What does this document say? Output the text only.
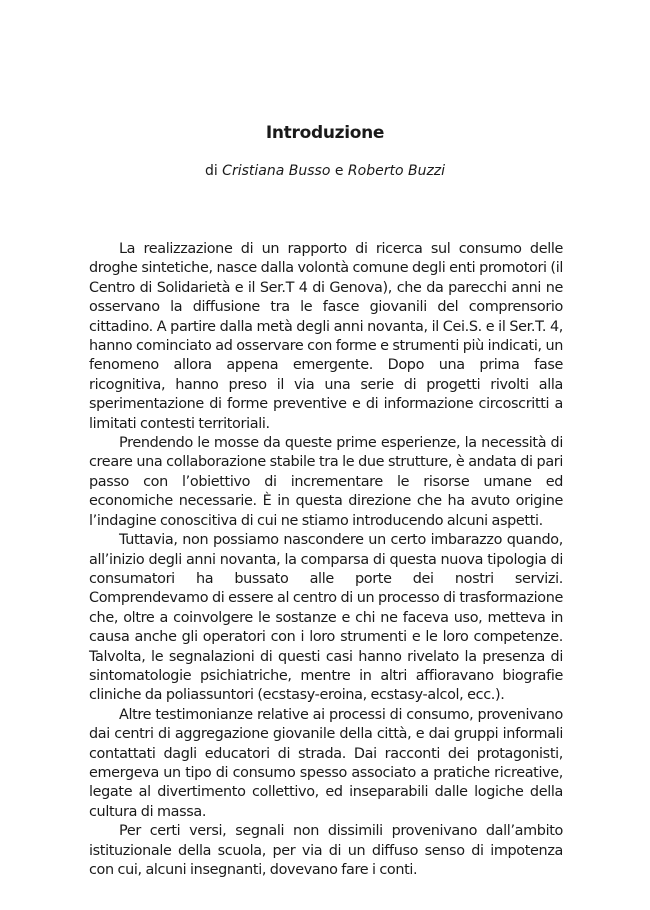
Introduzione

di Cristiana Busso e Roberto Buzzi

La realizzazione di un rapporto di ricerca sul consumo delle droghe sintetiche, nasce dalla volontà comune degli enti promotori (il Centro di Solidarietà e il Ser.T 4 di Genova), che da parecchi anni ne osservano la diffusione tra le fasce giovanili del comprensorio cittadino. A partire dalla metà degli anni novanta, il Cei.S. e il Ser.T. 4, hanno cominciato ad osservare con forme e strumenti più indicati, un fenomeno allora appena emergente. Dopo una prima fase ricognitiva, hanno preso il via una serie di progetti rivolti alla sperimentazione di forme preventive e di informazione circoscritti a limitati contesti territoriali.

Prendendo le mosse da queste prime esperienze, la necessità di creare una collaborazione stabile tra le due strutture, è andata di pari passo con l’obiettivo di incrementare le risorse umane ed economiche necessarie. È in questa direzione che ha avuto origine l’indagine conoscitiva di cui ne stiamo introducendo alcuni aspetti.

Tuttavia, non possiamo nascondere un certo imbarazzo quando, all’inizio degli anni novanta, la comparsa di questa nuova tipologia di consumatori ha bussato alle porte dei nostri servizi. Comprendevamo di essere al centro di un processo di trasformazione che, oltre a coinvolgere le sostanze e chi ne faceva uso, metteva in causa anche gli operatori con i loro strumenti e le loro competenze. Talvolta, le segnalazioni di questi casi hanno rivelato la presenza di sintomatologie psichiatriche, mentre in altri affioravano biografie cliniche da poliassuntori (ecstasy-eroina, ecstasy-alcol, ecc.).

Altre testimonianze relative ai processi di consumo, provenivano dai centri di aggregazione giovanile della città, e dai gruppi informali contattati dagli educatori di strada. Dai racconti dei protagonisti, emergeva un tipo di consumo spesso associato a pratiche ricreative, legate al divertimento collettivo, ed inseparabili dalle logiche della cultura di massa.

Per certi versi, segnali non dissimili provenivano dall’ambito istituzionale della scuola, per via di un diffuso senso di impotenza con cui, alcuni insegnanti, dovevano fare i conti.
